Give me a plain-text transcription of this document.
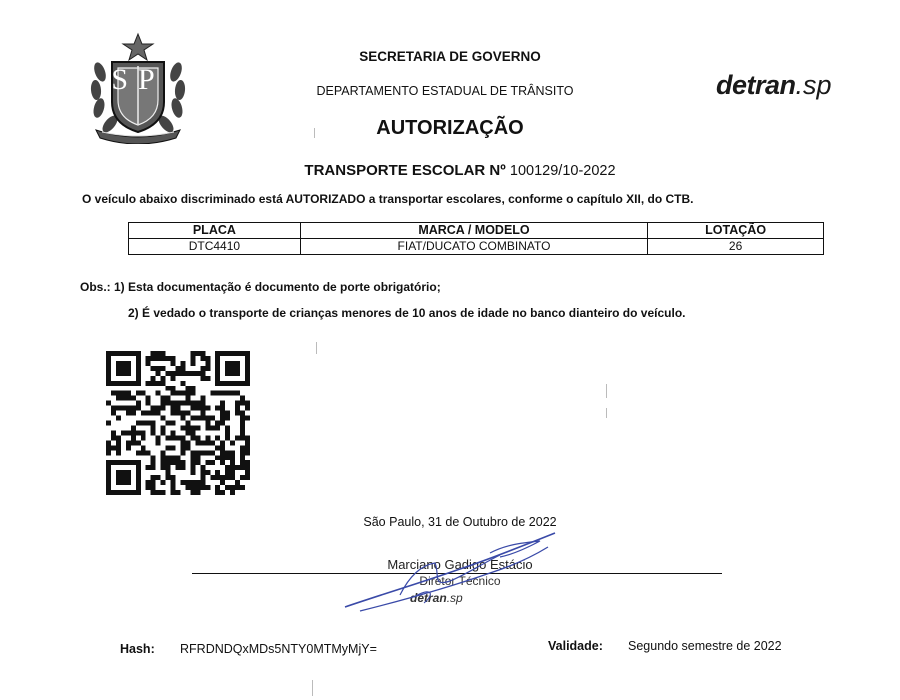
SP	detran.sp
SECRETARIA DE GOVERNO
DEPARTAMENTO ESTADUAL DE TRÂNSITO
AUTORIZAÇÃO
TRANSPORTE ESCOLAR Nº 100129/10-2022
O veículo abaixo discriminado está AUTORIZADO a transportar escolares, conforme o capítulo XII, do CTB.
PLACA	MARCA / MODELO	LOTAÇÃO
DTC4410	FIAT/DUCATO COMBINATO	26
Obs.: 1) Esta documentação é documento de porte obrigatório;
2) É vedado o transporte de crianças menores de 10 anos de idade no banco dianteiro do veículo.
São Paulo, 31 de Outubro de 2022
Marciano Gadigo Estácio
Diretor Técnico
detran.sp
Hash: RFRDNDQxMDs5NTY0MTMyMjY=	Validade: Segundo semestre de 2022
